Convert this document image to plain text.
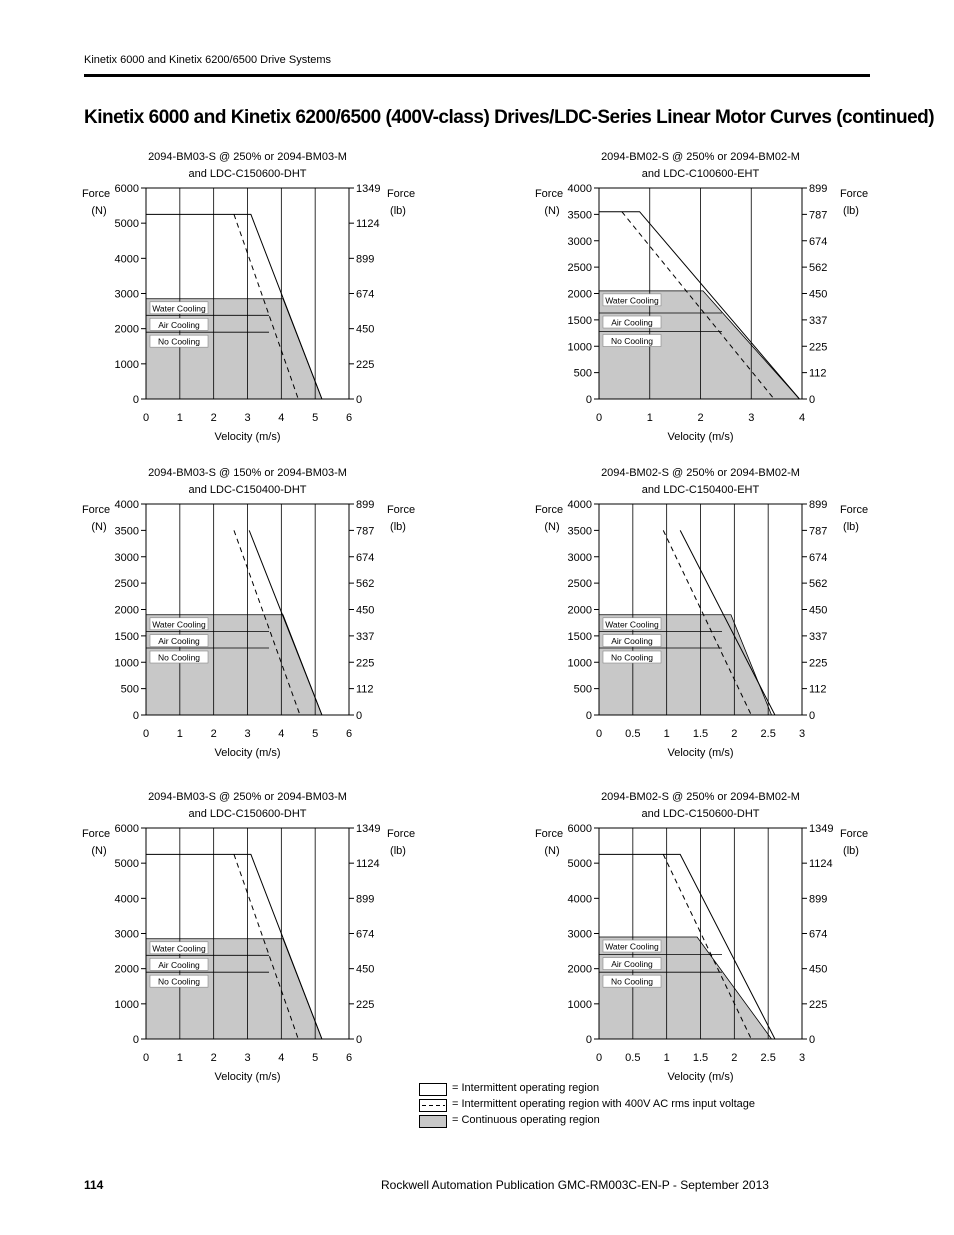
Kinetix 6000 and Kinetix 6200/6500 Drive Systems
Kinetix 6000 and Kinetix 6200/6500 (400V-class) Drives/LDC-Series Linear Motor Curves (continued)
2094-BM03-S @ 250% or 2094-BM03-M
and LDC-C150600-DHT
0	0
1000	225
2000	450
3000	674
4000	899
5000	1124
6000	1349
0	1	2	3	4	5	6
Force
(N)
Force
(lb)
Velocity (m/s)
Water Cooling
Air Cooling
No Cooling
2094-BM02-S @ 250% or 2094-BM02-M
and LDC-C100600-EHT
0	0
500	112
1000	225
1500	337
2000	450
2500	562
3000	674
3500	787
4000	899
0	1	2	3	4
Force
(N)
Force
(lb)
Velocity (m/s)
Water Cooling
Air Cooling
No Cooling
2094-BM03-S @ 150% or 2094-BM03-M
and LDC-C150400-DHT
0	0
500	112
1000	225
1500	337
2000	450
2500	562
3000	674
3500	787
4000	899
0	1	2	3	4	5	6
Force
(N)
Force
(lb)
Velocity (m/s)
Water Cooling
Air Cooling
No Cooling
2094-BM02-S @ 250% or 2094-BM02-M
and LDC-C150400-EHT
0	0
500	112
1000	225
1500	337
2000	450
2500	562
3000	674
3500	787
4000	899
0 0.5 1 1.5 2 2.5 3
Force
(N)
Force
(lb)
Velocity (m/s)
Water Cooling
Air Cooling
No Cooling
2094-BM03-S @ 250% or 2094-BM03-M
and LDC-C150600-DHT
0	0
1000	225
2000	450
3000	674
4000	899
5000	1124
6000	1349
0	1	2	3	4	5	6
Force
(N)
Force
(lb)
Velocity (m/s)
Water Cooling
Air Cooling
No Cooling
2094-BM02-S @ 250% or 2094-BM02-M
and LDC-C150600-DHT
0	0
1000	225
2000	450
3000	674
4000	899
5000	1124
6000	1349
0 0.5 1 1.5 2 2.5 3
Force
(N)
Force
(lb)
Velocity (m/s)
Water Cooling
Air Cooling
No Cooling
= Intermittent operating region
= Intermittent operating region with 400V AC rms input voltage
= Continuous operating region
114	Rockwell Automation Publication GMC-RM003C-EN-P - September 2013
